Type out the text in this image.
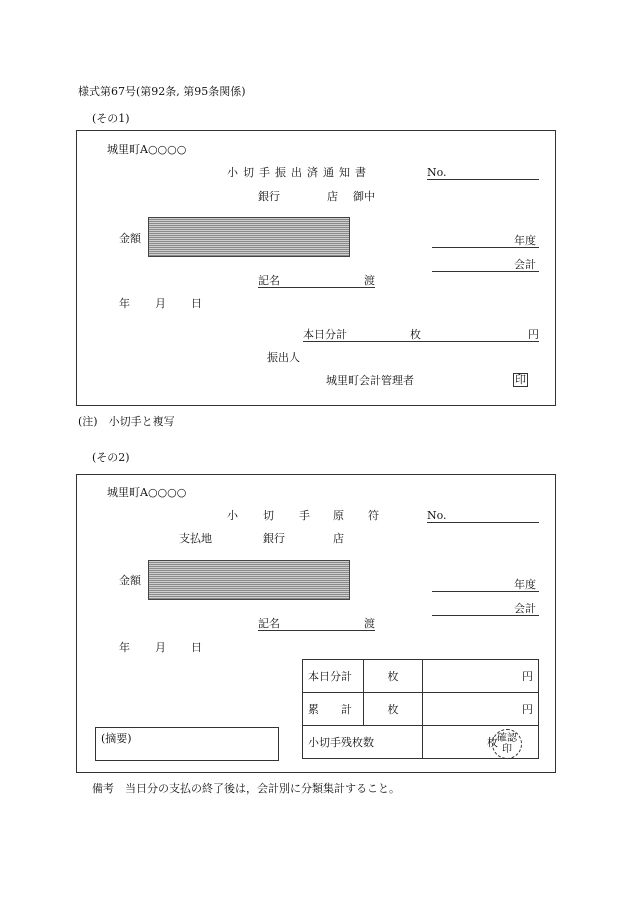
様式第67号(第92条, 第95条関係)
(その1)
城里町A○○○○
小切手振出済通知書	No.
銀行	店 御中
金額	年度
会計
記名	渡
年 月 日
本日分計	枚	円
振出人
城里町会計管理者	印
(注)　小切手と複写
(その2)
城里町A○○○○
小 切 手 原 符	No.
支払地	銀行	店
金額	年度
会計
記名	渡
年 月 日
(摘要)
本日分計	枚	円
累　　計	枚	円
小切手残枚数		枚 確認印
備考　当日分の支払の終了後は，会計別に分類集計すること。
